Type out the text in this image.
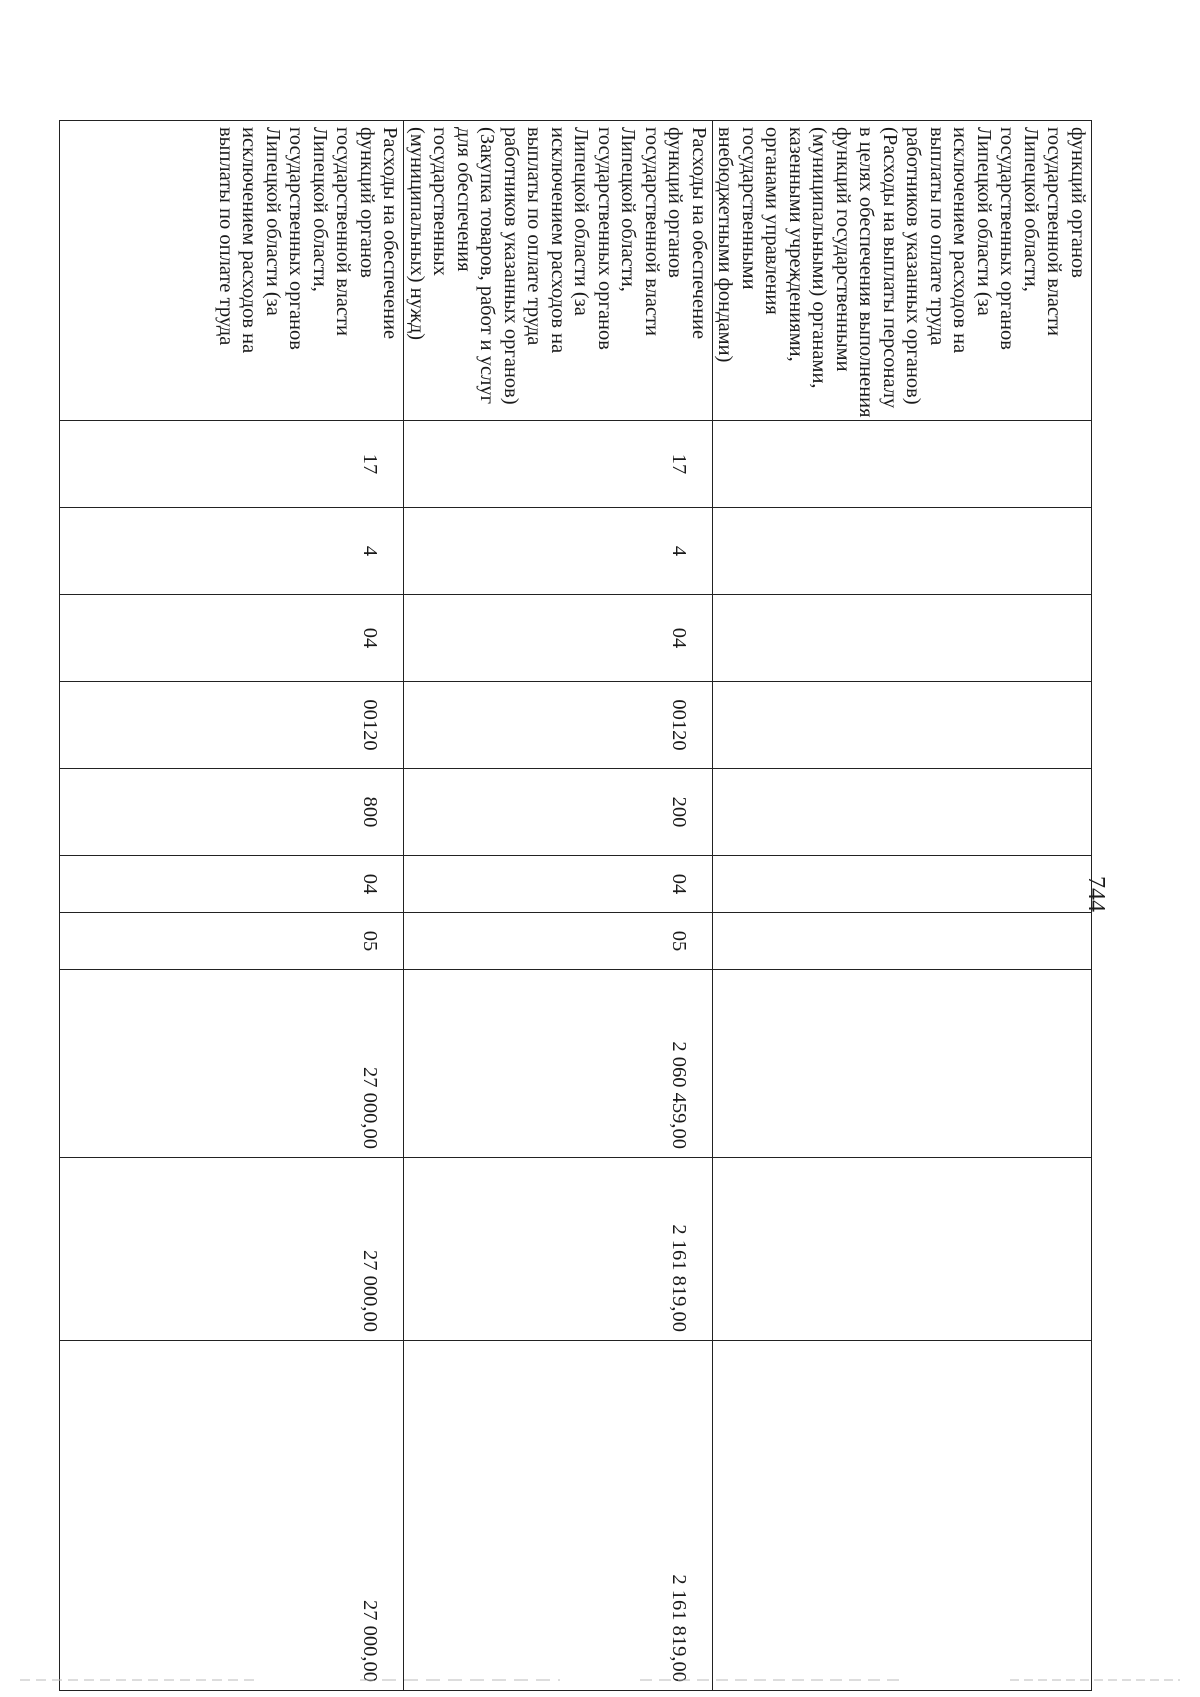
744
функций органов государственной власти Липецкой области, государственных органов Липецкой области (за исключением расходов на выплаты по оплате труда работников указанных органов) (Расходы на выплаты персоналу в целях обеспечения выполнения функций государственными (муниципальными) органами, казенными учреждениями, органами управления государственными внебюджетными фондами)										
Расходы на обеспечение функций органов государственной власти Липецкой области, государственных органов Липецкой области (за исключением расходов на выплаты по оплате труда работников указанных органов) (Закупка товаров, работ и услуг для обеспечения государственных (муниципальных) нужд)	17	4	04	00120	200	04	05	2 060 459,00	2 161 819,00	2 161 819,00
Расходы на обеспечение функций органов государственной власти Липецкой области, государственных органов Липецкой области (за исключением расходов на выплаты по оплате труда	17	4	04	00120	800	04	05	27 000,00	27 000,00	27 000,00
